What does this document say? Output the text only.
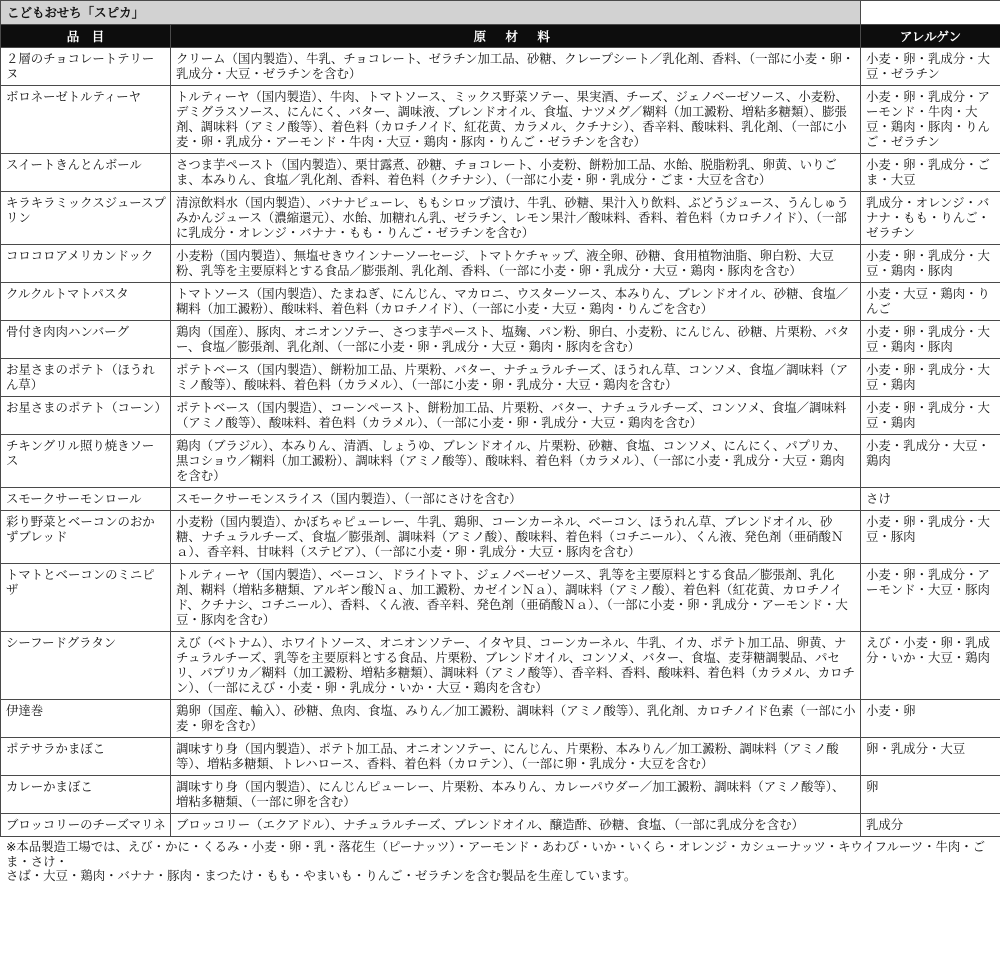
こどもおせち「スピカ」		
品　目	原 材 料	アレルゲン
２層のチョコレートテリーヌ	クリーム（国内製造）、牛乳、チョコレート、ゼラチン加工品、砂糖、クレープシート／乳化剤、香料、（一部に小麦・卵・乳成分・大豆・ゼラチンを含む）	小麦・卵・乳成分・大豆・ゼラチン
ボロネーゼトルティーヤ	トルティーヤ（国内製造）、牛肉、トマトソース、ミックス野菜ソテー、果実酒、チーズ、ジェノベーゼソース、小麦粉、デミグラスソース、にんにく、バター、調味液、ブレンドオイル、食塩、ナツメグ／糊料（加工澱粉、増粘多糖類）、膨張剤、調味料（アミノ酸等）、着色料（カロチノイド、紅花黄、カラメル、クチナシ）、香辛料、酸味料、乳化剤、（一部に小麦・卵・乳成分・アーモンド・牛肉・大豆・鶏肉・豚肉・りんご・ゼラチンを含む）	小麦・卵・乳成分・アーモンド・牛肉・大豆・鶏肉・豚肉・りんご・ゼラチン
スイートきんとんボール	さつま芋ペースト（国内製造）、栗甘露煮、砂糖、チョコレート、小麦粉、餅粉加工品、水飴、脱脂粉乳、卵黄、いりごま、本みりん、食塩／乳化剤、香料、着色料（クチナシ）、（一部に小麦・卵・乳成分・ごま・大豆を含む）	小麦・卵・乳成分・ごま・大豆
キラキラミックスジュースプリン	清涼飲料水（国内製造）、バナナピューレ、ももシロップ漬け、牛乳、砂糖、果汁入り飲料、ぶどうジュース、うんしゅうみかんジュース（濃縮還元）、水飴、加糖れん乳、ゼラチン、レモン果汁／酸味料、香料、着色料（カロチノイド）、（一部に乳成分・オレンジ・バナナ・もも・りんご・ゼラチンを含む）	乳成分・オレンジ・バナナ・もも・りんご・ゼラチン
コロコロアメリカンドック	小麦粉（国内製造）、無塩せきウインナーソーセージ、トマトケチャップ、液全卵、砂糖、食用植物油脂、卵白粉、大豆粉、乳等を主要原料とする食品／膨張剤、乳化剤、香料、（一部に小麦・卵・乳成分・大豆・鶏肉・豚肉を含む）	小麦・卵・乳成分・大豆・鶏肉・豚肉
クルクルトマトパスタ	トマトソース（国内製造）、たまねぎ、にんじん、マカロニ、ウスターソース、本みりん、ブレンドオイル、砂糖、食塩／糊料（加工澱粉）、酸味料、着色料（カロチノイド）、（一部に小麦・大豆・鶏肉・りんごを含む）	小麦・大豆・鶏肉・りんご
骨付き肉肉ハンバーグ	鶏肉（国産）、豚肉、オニオンソテー、さつま芋ペースト、塩麹、パン粉、卵白、小麦粉、にんじん、砂糖、片栗粉、バター、食塩／膨張剤、乳化剤、（一部に小麦・卵・乳成分・大豆・鶏肉・豚肉を含む）	小麦・卵・乳成分・大豆・鶏肉・豚肉
お星さまのポテト（ほうれん草）	ポテトベース（国内製造）、餅粉加工品、片栗粉、バター、ナチュラルチーズ、ほうれん草、コンソメ、食塩／調味料（アミノ酸等）、酸味料、着色料（カラメル）、（一部に小麦・卵・乳成分・大豆・鶏肉を含む）	小麦・卵・乳成分・大豆・鶏肉
お星さまのポテト（コーン）	ポテトベース（国内製造）、コーンペースト、餅粉加工品、片栗粉、バター、ナチュラルチーズ、コンソメ、食塩／調味料（アミノ酸等）、酸味料、着色料（カラメル）、（一部に小麦・卵・乳成分・大豆・鶏肉を含む）	小麦・卵・乳成分・大豆・鶏肉
チキングリル照り焼きソース	鶏肉（ブラジル）、本みりん、清酒、しょうゆ、ブレンドオイル、片栗粉、砂糖、食塩、コンソメ、にんにく、パプリカ、黒コショウ／糊料（加工澱粉）、調味料（アミノ酸等）、酸味料、着色料（カラメル）、（一部に小麦・乳成分・大豆・鶏肉を含む）	小麦・乳成分・大豆・鶏肉
スモークサーモンロール	スモークサーモンスライス（国内製造）、（一部にさけを含む）	さけ
彩り野菜とベーコンのおかずブレッド	小麦粉（国内製造）、かぼちゃピューレー、牛乳、鶏卵、コーンカーネル、ベーコン、ほうれん草、ブレンドオイル、砂糖、ナチュラルチーズ、食塩／膨張剤、調味料（アミノ酸）、酸味料、着色料（コチニール）、くん液、発色剤（亜硝酸Ｎａ）、香辛料、甘味料（ステビア）、（一部に小麦・卵・乳成分・大豆・豚肉を含む）	小麦・卵・乳成分・大豆・豚肉
トマトとベーコンのミニピザ	トルティーヤ（国内製造）、ベーコン、ドライトマト、ジェノベーゼソース、乳等を主要原料とする食品／膨張剤、乳化剤、糊料（増粘多糖類、アルギン酸Ｎａ、加工澱粉、カゼインＮａ）、調味料（アミノ酸）、着色料（紅花黄、カロチノイド、クチナシ、コチニール）、香料、くん液、香辛料、発色剤（亜硝酸Ｎａ）、（一部に小麦・卵・乳成分・アーモンド・大豆・豚肉を含む）	小麦・卵・乳成分・アーモンド・大豆・豚肉
シーフードグラタン	えび（ベトナム）、ホワイトソース、オニオンソテー、イタヤ貝、コーンカーネル、牛乳、イカ、ポテト加工品、卵黄、ナチュラルチーズ、乳等を主要原料とする食品、片栗粉、ブレンドオイル、コンソメ、バター、食塩、麦芽糖調製品、パセリ、パプリカ／糊料（加工澱粉、増粘多糖類）、調味料（アミノ酸等）、香辛料、香料、酸味料、着色料（カラメル、カロチン）、（一部にえび・小麦・卵・乳成分・いか・大豆・鶏肉を含む）	えび・小麦・卵・乳成分・いか・大豆・鶏肉
伊達巻	鶏卵（国産、輸入）、砂糖、魚肉、食塩、みりん／加工澱粉、調味料（アミノ酸等）、乳化剤、カロチノイド色素（一部に小麦・卵を含む）	小麦・卵
ポテサラかまぼこ	調味すり身（国内製造）、ポテト加工品、オニオンソテー、にんじん、片栗粉、本みりん／加工澱粉、調味料（アミノ酸等）、増粘多糖類、トレハロース、香料、着色料（カロテン）、（一部に卵・乳成分・大豆を含む）	卵・乳成分・大豆
カレーかまぼこ	調味すり身（国内製造）、にんじんピューレー、片栗粉、本みりん、カレーパウダー／加工澱粉、調味料（アミノ酸等）、増粘多糖類、（一部に卵を含む）	卵
ブロッコリーのチーズマリネ	ブロッコリー（エクアドル）、ナチュラルチーズ、ブレンドオイル、醸造酢、砂糖、食塩、（一部に乳成分を含む）	乳成分
※本品製造工場では、えび・かに・くるみ・小麦・卵・乳・落花生（ピーナッツ）・アーモンド・あわび・いか・いくら・オレンジ・カシューナッツ・キウイフルーツ・牛肉・ごま・さけ・
さば・大豆・鶏肉・バナナ・豚肉・まつたけ・もも・やまいも・りんご・ゼラチンを含む製品を生産しています。
